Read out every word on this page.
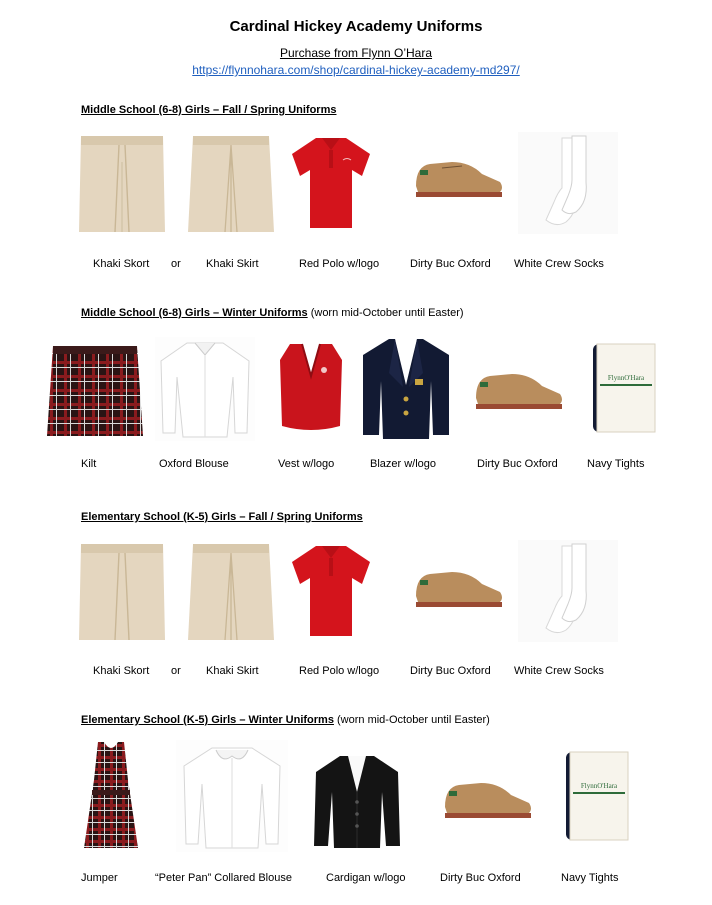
Cardinal Hickey Academy Uniforms
Purchase from Flynn O’Hara
https://flynnohara.com/shop/cardinal-hickey-academy-md297/
Middle School (6-8) Girls – Fall / Spring Uniforms
Khaki Skort or Khaki Skirt	Red Polo w/logo	Dirty Buc Oxford White Crew Socks
Middle School (6-8) Girls – Winter Uniforms (worn mid-October until Easter)
FlynnO'Hara
Kilt	Oxford Blouse	Vest w/logo	Blazer w/logo	Dirty Buc Oxford	Navy Tights
Elementary School (K-5) Girls – Fall / Spring Uniforms
Khaki Skort or Khaki Skirt	Red Polo w/logo	Dirty Buc Oxford White Crew Socks
Elementary School (K-5) Girls – Winter Uniforms (worn mid-October until Easter)
FlynnO'Hara
Jumper	“Peter Pan” Collared Blouse	Cardigan w/logo	Dirty Buc Oxford	Navy Tights
